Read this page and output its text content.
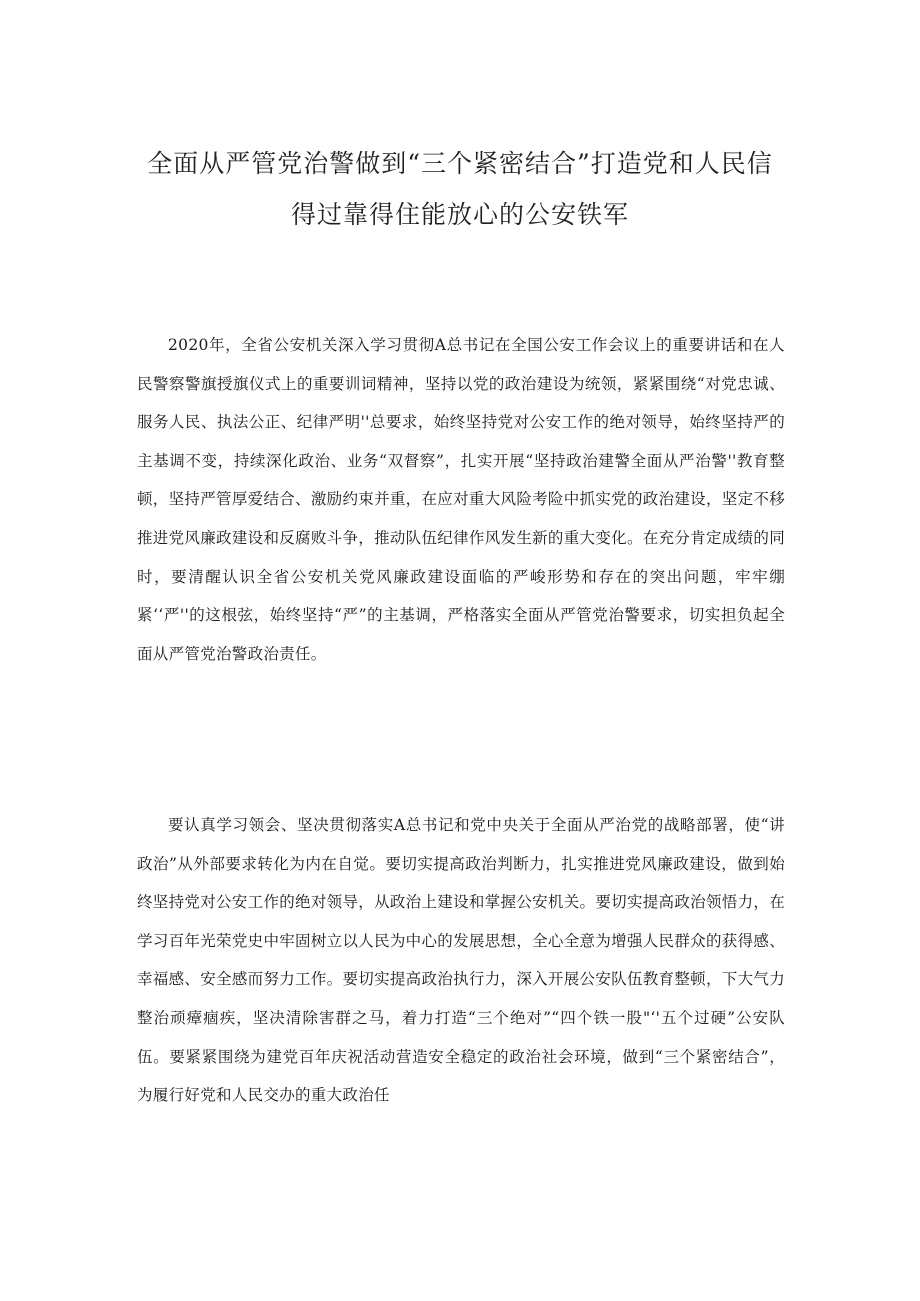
全面从严管党治警做到“三个紧密结合”打造党和人民信
得过靠得住能放心的公安铁军

2020年，全省公安机关深入学习贯彻A总书记在全国公安工作会议上的重要讲话和在人民警察警旗授旗仪式上的重要训词精神，坚持以党的政治建设为统领，紧紧围绕“对党忠诚、服务人民、执法公正、纪律严明''总要求，始终坚持党对公安工作的绝对领导，始终坚持严的主基调不变，持续深化政治、业务“双督察”，扎实开展“坚持政治建警全面从严治警''教育整顿，坚持严管厚爱结合、激励约束并重，在应对重大风险考险中抓实党的政治建设，坚定不移推进党风廉政建设和反腐败斗争，推动队伍纪律作风发生新的重大变化。在充分肯定成绩的同时，要清醒认识全省公安机关党风廉政建设面临的严峻形势和存在的突出问题，牢牢绷紧‘‘严''的这根弦，始终坚持“严”的主基调，严格落实全面从严管党治警要求，切实担负起全面从严管党治警政治责任。

要认真学习领会、坚决贯彻落实A总书记和党中央关于全面从严治党的战略部署，使“讲政治”从外部要求转化为内在自觉。要切实提高政治判断力，扎实推进党风廉政建设，做到始终坚持党对公安工作的绝对领导，从政治上建设和掌握公安机关。要切实提高政治领悟力，在学习百年光荣党史中牢固树立以人民为中心的发展思想，全心全意为增强人民群众的获得感、幸福感、安全感而努力工作。要切实提高政治执行力，深入开展公安队伍教育整顿，下大气力整治顽瘴痼疾，坚决清除害群之马，着力打造“三个绝对”“四个铁一股"‘'五个过硬”公安队伍。要紧紧围绕为建党百年庆祝活动营造安全稳定的政治社会环境，做到“三个紧密结合”，为履行好党和人民交办的重大政治任
